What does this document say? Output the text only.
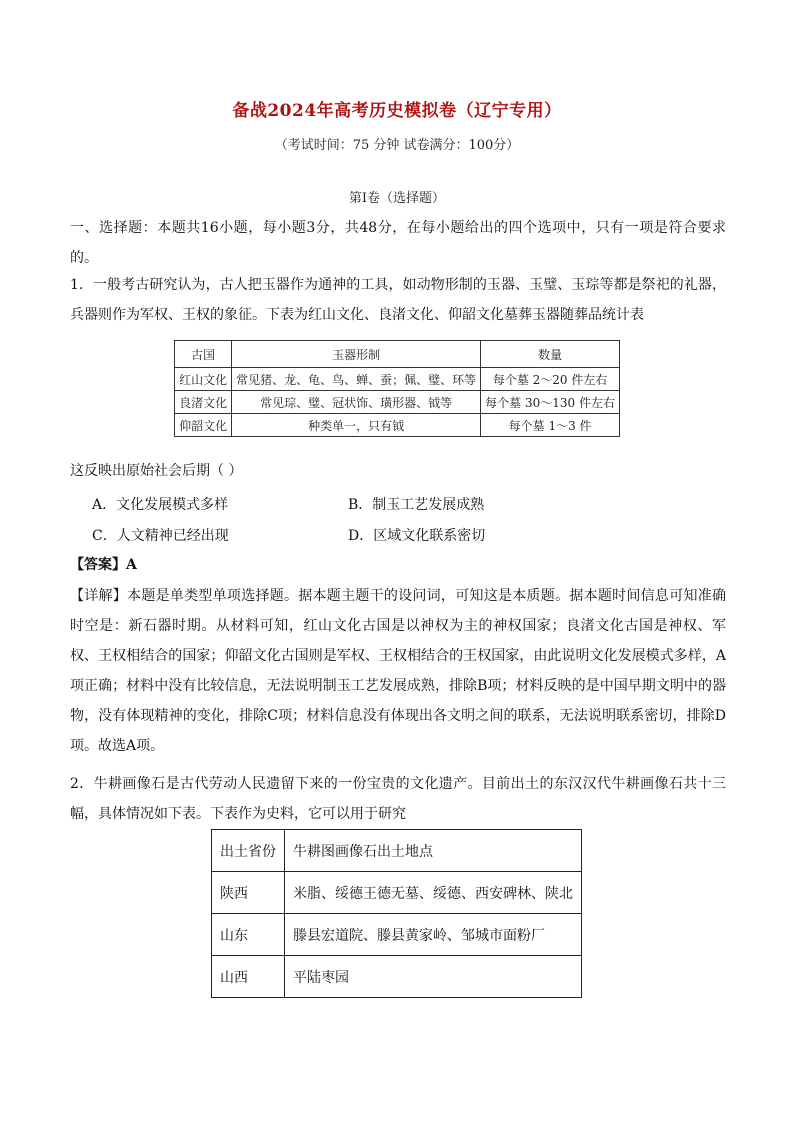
备战2024年高考历史模拟卷（辽宁专用）
（考试时间：75 分钟 试卷满分：100分）
第Ⅰ卷（选择题）
一、选择题：本题共16小题，每小题3分，共48分，在每小题给出的四个选项中，只有一项是符合要求的。
1．一般考古研究认为，古人把玉器作为通神的工具，如动物形制的玉器、玉璧、玉琮等都是祭祀的礼器，兵器则作为军权、王权的象征。下表为红山文化、良渚文化、仰韶文化墓葬玉器随葬品统计表
古国	玉器形制	数量
红山文化	常见猪、龙、龟、鸟、蝉、蚕；佩、璧、环等	每个墓 2～20 件左右
良渚文化	常见琮、璧、冠状饰、璜形器、钺等	每个墓 30～130 件左右
仰韶文化	种类单一，只有钺	每个墓 1～3 件
这反映出原始社会后期（ ）
A．文化发展模式多样	B．制玉工艺发展成熟
C．人文精神已经出现	D．区域文化联系密切
【答案】A
【详解】本题是单类型单项选择题。据本题主题干的设问词，可知这是本质题。据本题时间信息可知准确时空是：新石器时期。从材料可知，红山文化古国是以神权为主的神权国家；良渚文化古国是神权、军权、王权相结合的国家；仰韶文化古国则是军权、王权相结合的王权国家，由此说明文化发展模式多样，A项正确；材料中没有比较信息，无法说明制玉工艺发展成熟，排除B项；材料反映的是中国早期文明中的器物，没有体现精神的变化，排除C项；材料信息没有体现出各文明之间的联系，无法说明联系密切，排除D项。故选A项。
2．牛耕画像石是古代劳动人民遗留下来的一份宝贵的文化遗产。目前出土的东汉汉代牛耕画像石共十三幅，具体情况如下表。下表作为史料，它可以用于研究
出土省份	牛耕图画像石出土地点
陕西	米脂、绥德王德无墓、绥德、西安碑林、陕北
山东	滕县宏道院、滕县黄家岭、邹城市面粉厂
山西	平陆枣园
